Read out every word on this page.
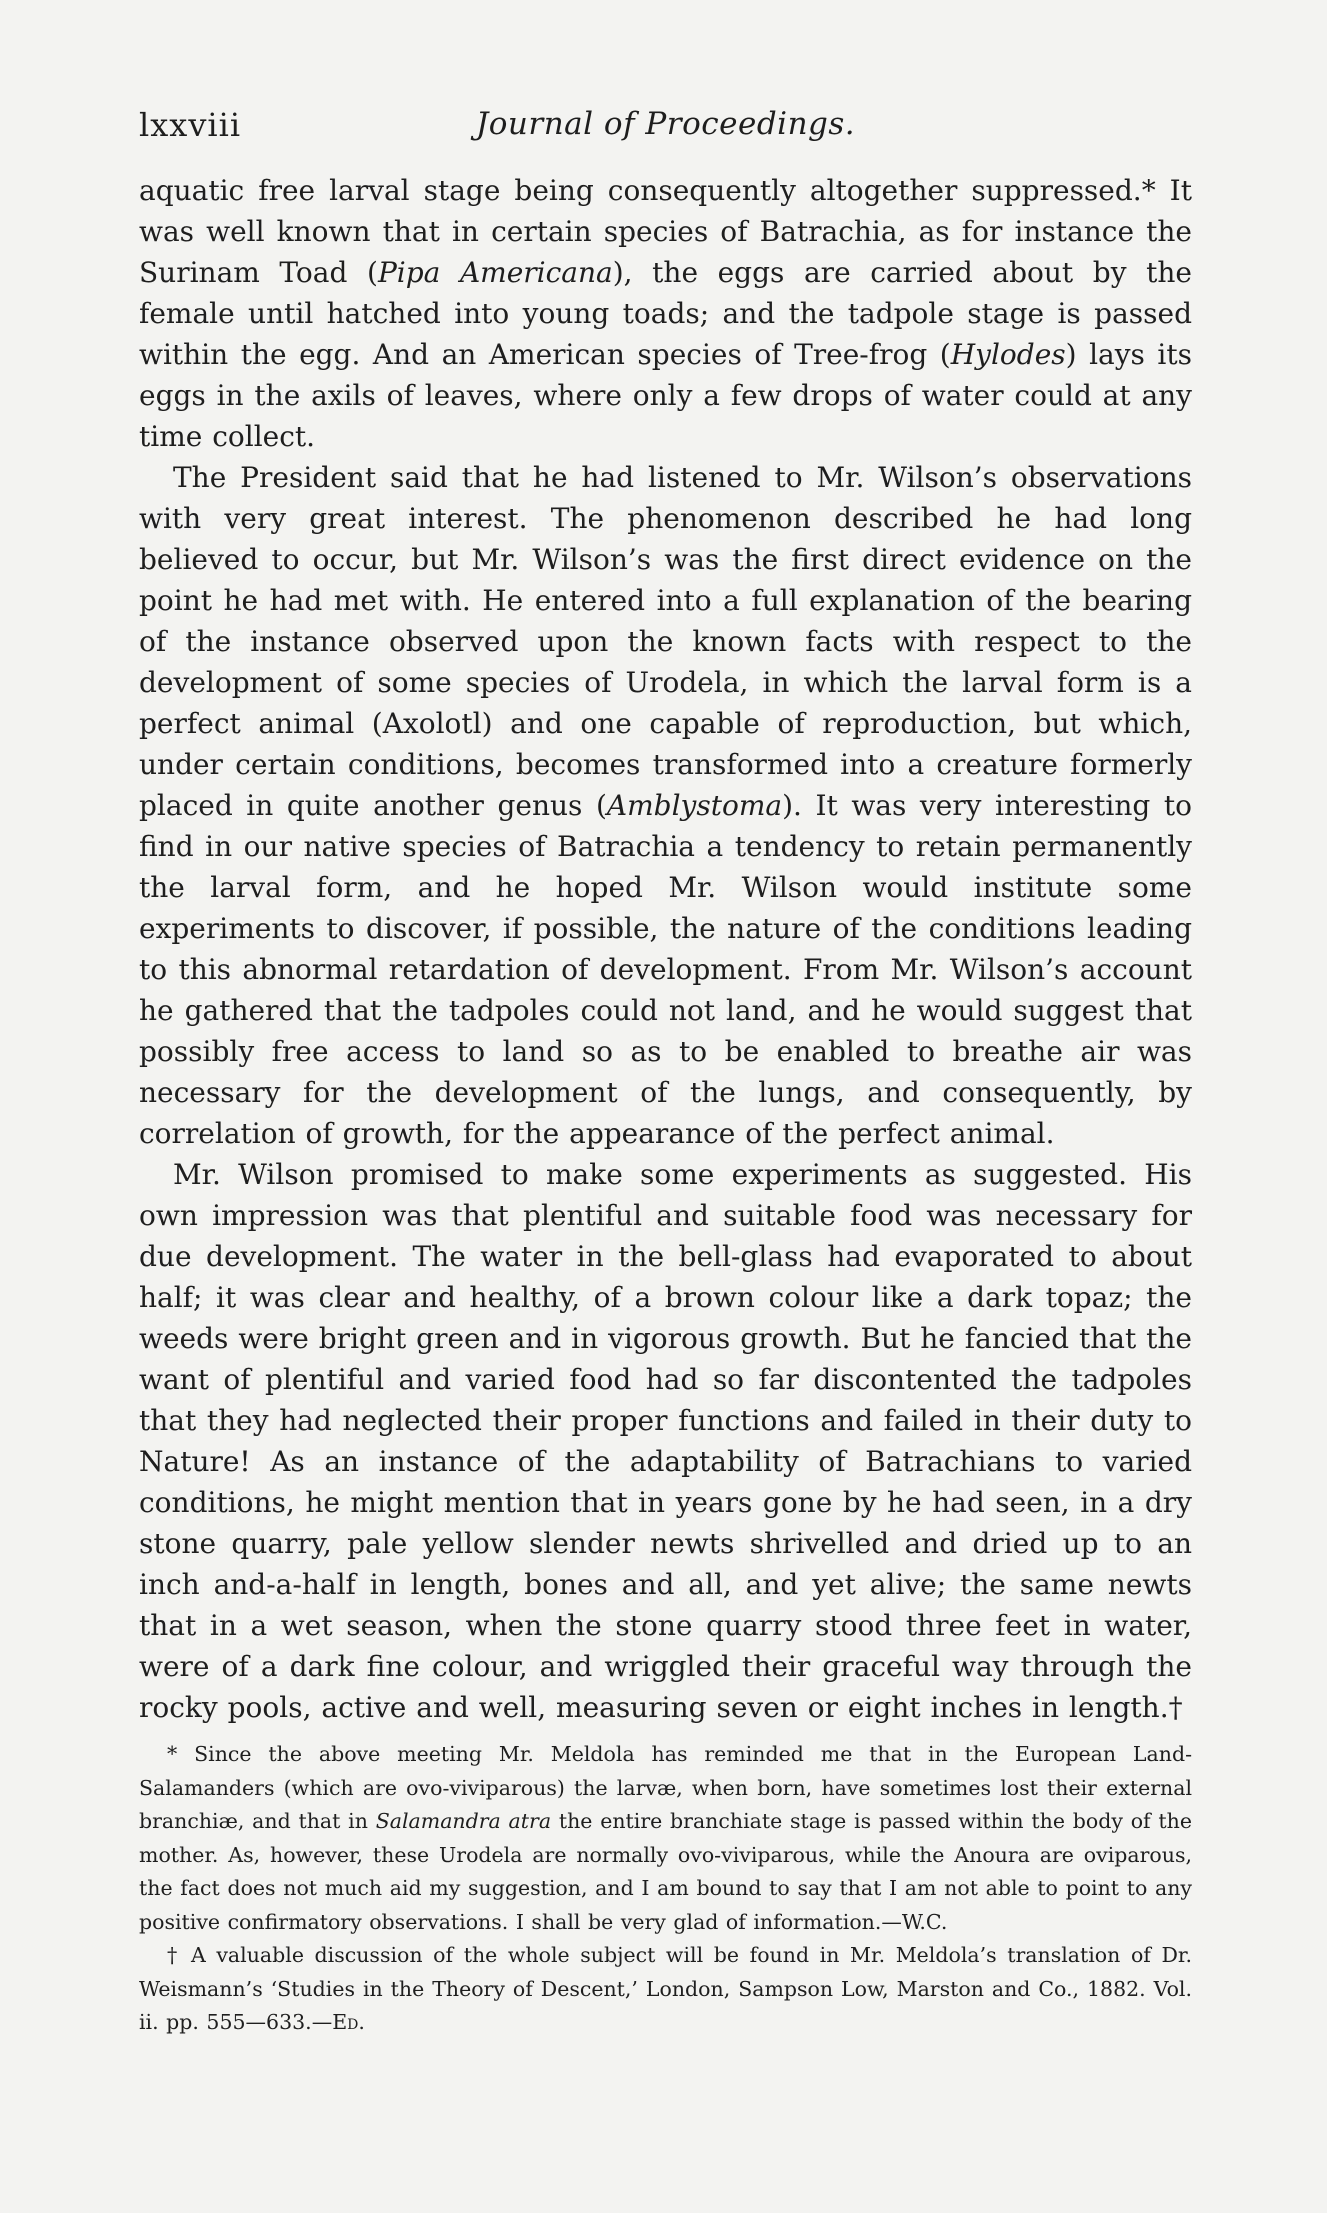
lxxviii	Journal of Proceedings.

aquatic free larval stage being consequently altogether suppressed.* It was well known that in certain species of Batrachia, as for instance the Surinam Toad (Pipa Americana), the eggs are carried about by the female until hatched into young toads; and the tadpole stage is passed within the egg. And an American species of Tree-frog (Hylodes) lays its eggs in the axils of leaves, where only a few drops of water could at any time collect.

The President said that he had listened to Mr. Wilson’s observations with very great interest. The phenomenon described he had long believed to occur, but Mr. Wilson’s was the first direct evidence on the point he had met with. He entered into a full explanation of the bearing of the instance observed upon the known facts with respect to the development of some species of Urodela, in which the larval form is a perfect animal (Axolotl) and one capable of reproduction, but which, under certain conditions, becomes transformed into a creature formerly placed in quite another genus (Amblystoma). It was very interesting to find in our native species of Batrachia a tendency to retain permanently the larval form, and he hoped Mr. Wilson would institute some experiments to discover, if possible, the nature of the conditions leading to this abnormal retardation of development. From Mr. Wilson’s account he gathered that the tadpoles could not land, and he would suggest that possibly free access to land so as to be enabled to breathe air was necessary for the development of the lungs, and consequently, by correlation of growth, for the appearance of the perfect animal.

Mr. Wilson promised to make some experiments as suggested. His own impression was that plentiful and suitable food was necessary for due development. The water in the bell-glass had evaporated to about half; it was clear and healthy, of a brown colour like a dark topaz; the weeds were bright green and in vigorous growth. But he fancied that the want of plentiful and varied food had so far discontented the tadpoles that they had neglected their proper functions and failed in their duty to Nature! As an instance of the adaptability of Batrachians to varied conditions, he might mention that in years gone by he had seen, in a dry stone quarry, pale yellow slender newts shrivelled and dried up to an inch and-a-half in length, bones and all, and yet alive; the same newts that in a wet season, when the stone quarry stood three feet in water, were of a dark fine colour, and wriggled their graceful way through the rocky pools, active and well, measuring seven or eight inches in length.†

* Since the above meeting Mr. Meldola has reminded me that in the European Land-Salamanders (which are ovo-viviparous) the larvæ, when born, have sometimes lost their external branchiæ, and that in Salamandra atra the entire branchiate stage is passed within the body of the mother. As, however, these Urodela are normally ovo-viviparous, while the Anoura are oviparous, the fact does not much aid my suggestion, and I am bound to say that I am not able to point to any positive confirmatory observations. I shall be very glad of information.—W.C.

† A valuable discussion of the whole subject will be found in Mr. Meldola’s translation of Dr. Weismann’s ‘Studies in the Theory of Descent,’ London, Sampson Low, Marston and Co., 1882. Vol. ii. pp. 555—633.—Ed.
